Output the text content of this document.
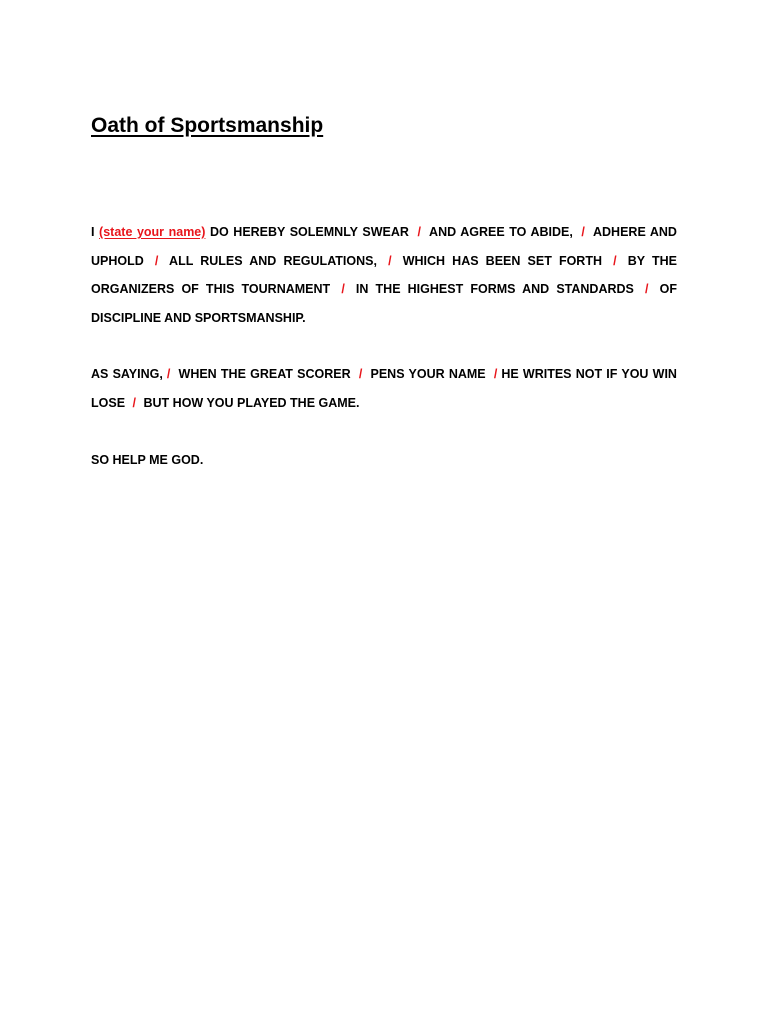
Oath of Sportsmanship

I (state your name) DO HEREBY SOLEMNLY SWEAR / AND AGREE TO ABIDE, / ADHERE AND UPHOLD / ALL RULES AND REGULATIONS, / WHICH HAS BEEN SET FORTH / BY THE ORGANIZERS OF THIS TOURNAMENT / IN THE HIGHEST FORMS AND STANDARDS / OF DISCIPLINE AND SPORTSMANSHIP.

AS SAYING, / WHEN THE GREAT SCORER / PENS YOUR NAME / HE WRITES NOT IF YOU WIN LOSE / BUT HOW YOU PLAYED THE GAME.

SO HELP ME GOD.
